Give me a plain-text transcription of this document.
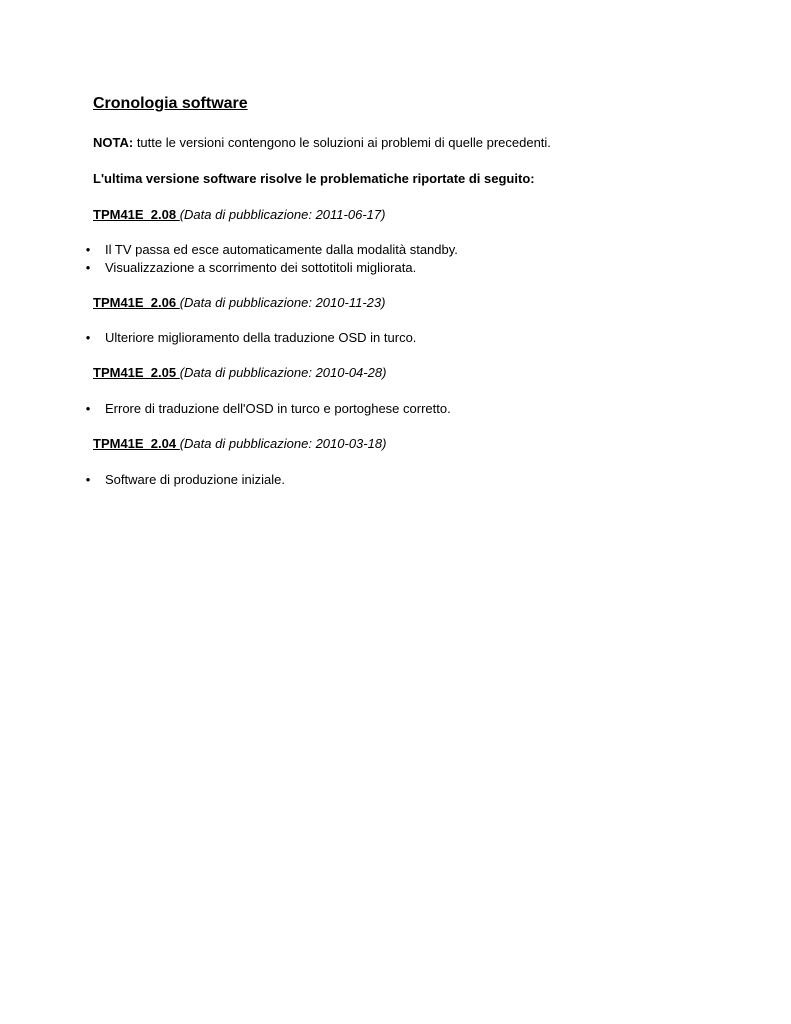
Cronologia software
NOTA: tutte le versioni contengono le soluzioni ai problemi di quelle precedenti.
L'ultima versione software risolve le problematiche riportate di seguito:
TPM41E_2.08 (Data di pubblicazione: 2011-06-17)
• Il TV passa ed esce automaticamente dalla modalità standby.
• Visualizzazione a scorrimento dei sottotitoli migliorata.
TPM41E_2.06 (Data di pubblicazione: 2010-11-23)
• Ulteriore miglioramento della traduzione OSD in turco.
TPM41E_2.05 (Data di pubblicazione: 2010-04-28)
• Errore di traduzione dell'OSD in turco e portoghese corretto.
TPM41E_2.04 (Data di pubblicazione: 2010-03-18)
• Software di produzione iniziale.
